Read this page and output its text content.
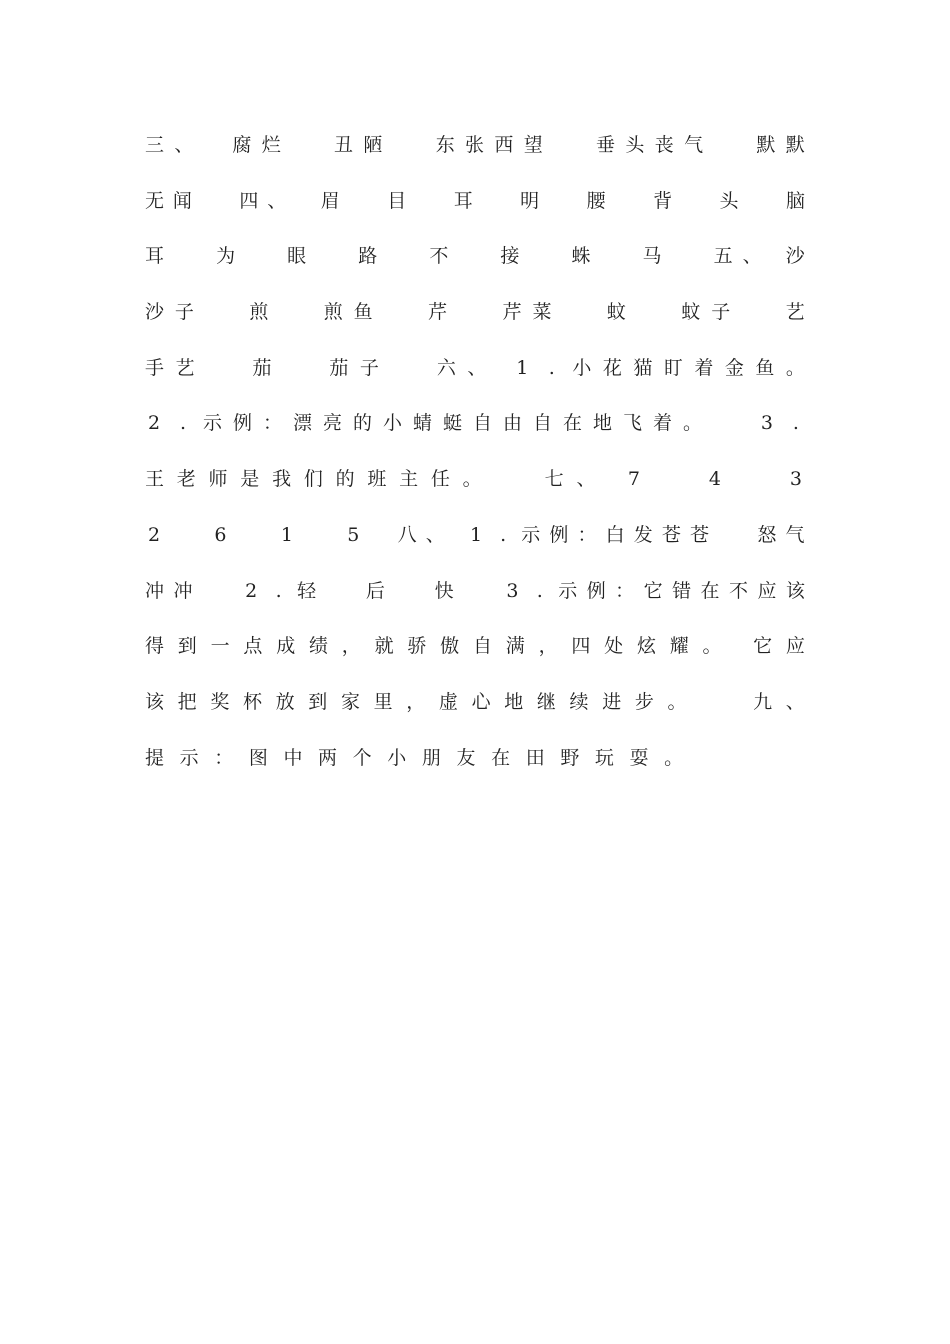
三 、 腐 烂	丑 陋	东 张 西 望	垂 头 丧 气	默 默
无 闻 四 、 眉 目 耳 明 腰 背 头 脑
耳	为	眼	路	不	接	蛛	马	五 、 沙
沙 子	煎	煎 鱼	芹	芹 菜	蚊	蚊 子	艺
手 艺	茄	茄 子	六 、 1	. 小 花 猫 盯 着 金 鱼 。
2	. 示 例 ： 漂 亮 的 小 蜻 蜓 自 由 自 在 地 飞 着 。	3	.
王 老 师 是 我 们 的 班 主 任 。	七 、 7	4	3
2	6	1	5 八 、 1 . 示 例 ： 白 发 苍 苍	怒 气
冲 冲	2 . 轻	后	快	3 . 示 例 ： 它 错 在 不 应 该
得 到 一 点 成 绩 ， 就 骄 傲 自 满 ， 四 处 炫 耀 。 它 应
该 把 奖 杯 放 到 家 里 ， 虚 心 地 继 续 进 步 。	九 、
提 示 ： 图 中 两 个 小 朋 友 在 田 野 玩 耍 。
